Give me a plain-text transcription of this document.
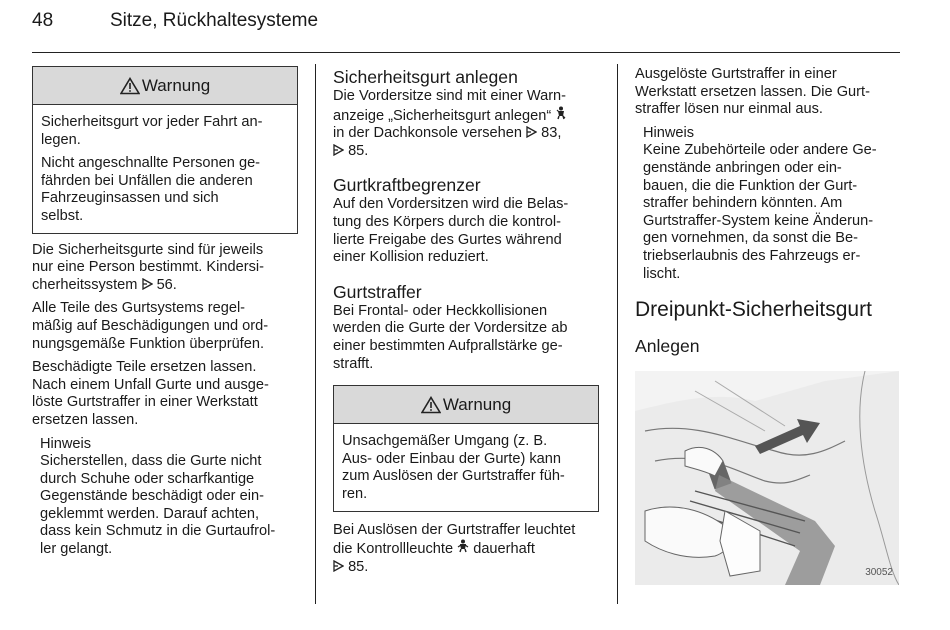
48	Sitze, Rückhaltesysteme
Warnung

Sicherheitsgurt vor jeder Fahrt an-
legen.

Nicht angeschnallte Personen ge-
fährden bei Unfällen die anderen
Fahrzeuginsassen und sich
selbst.

Die Sicherheitsgurte sind für jeweils
nur eine Person bestimmt. Kindersi-
cherheitssystem 56.

Alle Teile des Gurtsystems regel-
mäßig auf Beschädigungen und ord-
nungsgemäße Funktion überprüfen.

Beschädigte Teile ersetzen lassen.
Nach einem Unfall Gurte und ausge-
löste Gurtstraffer in einer Werkstatt
ersetzen lassen.

Hinweis
Sicherstellen, dass die Gurte nicht
durch Schuhe oder scharfkantige
Gegenstände beschädigt oder ein-
geklemmt werden. Darauf achten,
dass kein Schmutz in die Gurtaufrol-
ler gelangt.
Sicherheitsgurt anlegen

Die Vordersitze sind mit einer Warn-
anzeige „Sicherheitsgurt anlegen“
in der Dachkonsole versehen 83,
85.

Gurtkraftbegrenzer

Auf den Vordersitzen wird die Belas-
tung des Körpers durch die kontrol-
lierte Freigabe des Gurtes während
einer Kollision reduziert.

Gurtstraffer

Bei Frontal- oder Heckkollisionen
werden die Gurte der Vordersitze ab
einer bestimmten Aufprallstärke ge-
strafft.

Warnung
Unsachgemäßer Umgang (z. B.
Aus- oder Einbau der Gurte) kann
zum Auslösen der Gurtstraffer füh-
ren.

Bei Auslösen der Gurtstraffer leuchtet
die Kontrollleuchte dauerhaft
85.

Ausgelöste Gurtstraffer in einer
Werkstatt ersetzen lassen. Die Gurt-
straffer lösen nur einmal aus.

Hinweis
Keine Zubehörteile oder andere Ge-
genstände anbringen oder ein-
bauen, die die Funktion der Gurt-
straffer behindern könnten. Am
Gurtstraffer-System keine Änderun-
gen vornehmen, da sonst die Be-
triebserlaubnis des Fahrzeugs er-
lischt.
Dreipunkt-Sicherheitsgurt
Anlegen
30052
